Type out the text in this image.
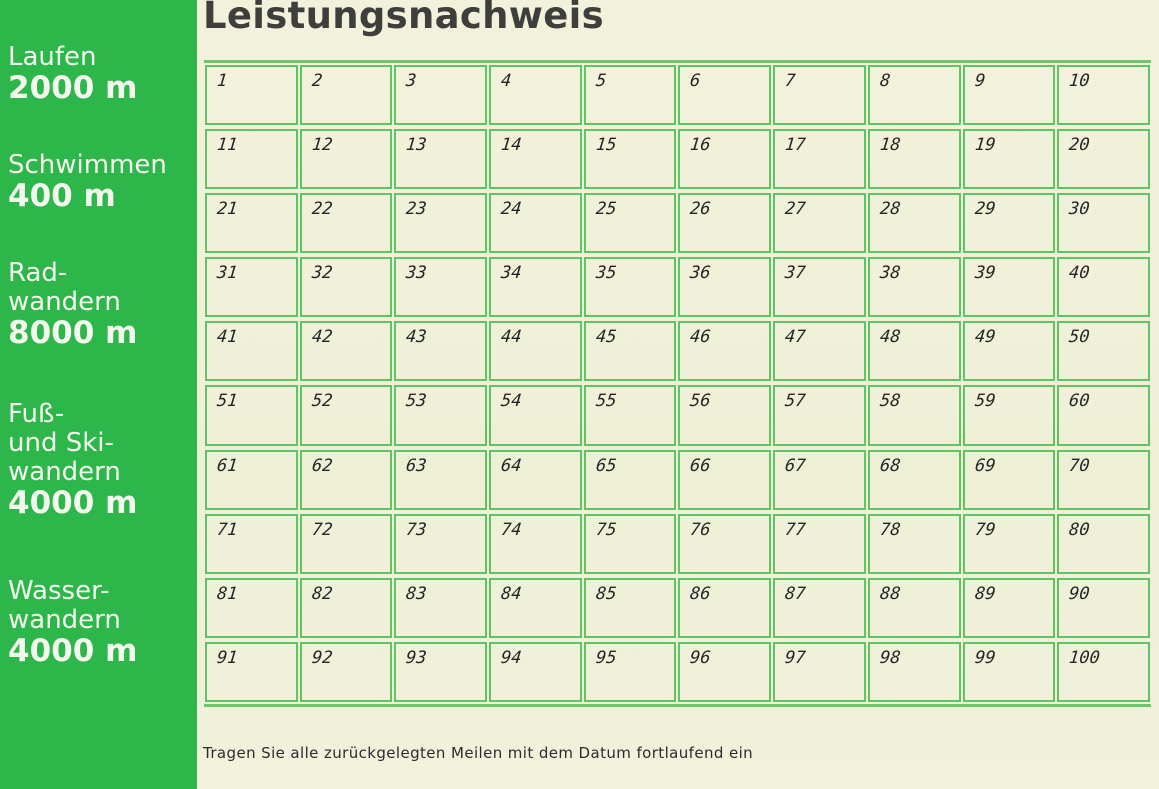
Laufen
2000 m
Schwimmen
400 m
Rad-
wandern
8000 m
Fuß-
und Ski-
wandern
4000 m
Wasser-
wandern
4000 m
Leistungsnachweis
1	2	3	4	5	6	7	8	9	10
11	12	13	14	15	16	17	18	19	20
21	22	23	24	25	26	27	28	29	30
31	32	33	34	35	36	37	38	39	40
41	42	43	44	45	46	47	48	49	50
51	52	53	54	55	56	57	58	59	60
61	62	63	64	65	66	67	68	69	70
71	72	73	74	75	76	77	78	79	80
81	82	83	84	85	86	87	88	89	90
91	92	93	94	95	96	97	98	99	100
Tragen Sie alle zurückgelegten Meilen mit dem Datum fortlaufend ein
